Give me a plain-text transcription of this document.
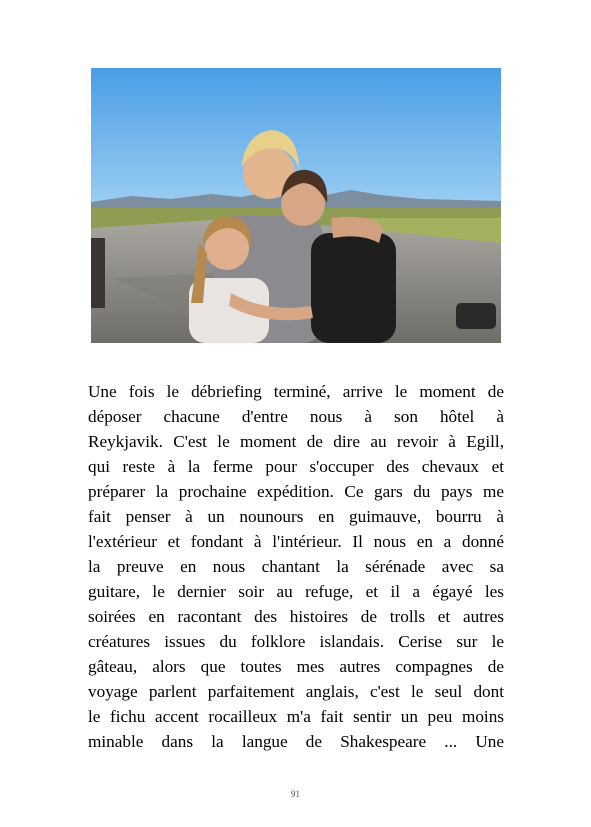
Une fois le débriefing terminé, arrive le moment de
déposer chacune d'entre nous à son hôtel à
Reykjavik. C'est le moment de dire au revoir à Egill,
qui reste à la ferme pour s'occuper des chevaux et
préparer la prochaine expédition. Ce gars du pays me
fait penser à un nounours en guimauve, bourru à
l'extérieur et fondant à l'intérieur. Il nous en a donné
la preuve en nous chantant la sérénade avec sa
guitare, le dernier soir au refuge, et il a égayé les
soirées en racontant des histoires de trolls et autres
créatures issues du folklore islandais. Cerise sur le
gâteau, alors que toutes mes autres compagnes de
voyage parlent parfaitement anglais, c'est le seul dont
le fichu accent rocailleux m'a fait sentir un peu moins
minable dans la langue de Shakespeare ... Une
91
